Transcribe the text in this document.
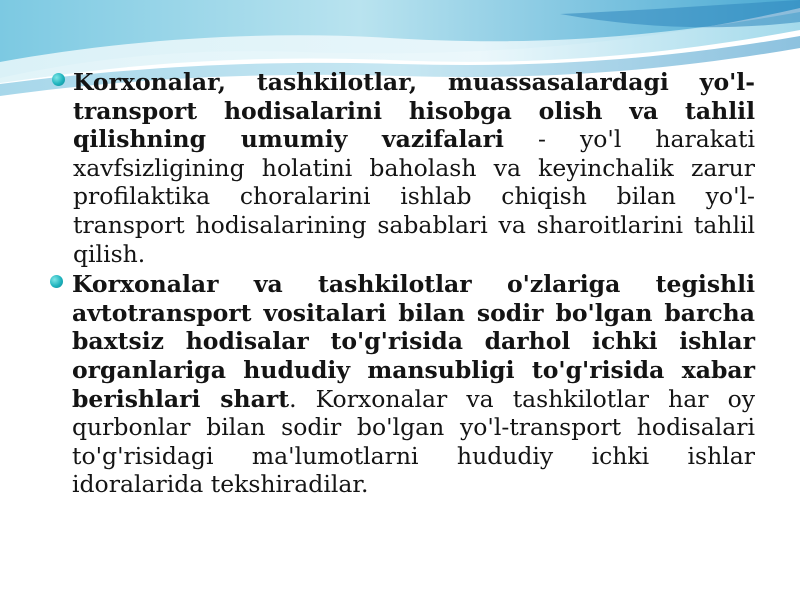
Korxonalar, tashkilotlar, muassasalardagi yo'l-transport hodisalarini hisobga olish va tahlil qilishning umumiy vazifalari - yo'l harakati xavfsizligining holatini baholash va keyinchalik zarur profilaktika choralarini ishlab chiqish bilan yo'l-transport hodisalarining sabablari va sharoitlarini tahlil qilish.

Korxonalar va tashkilotlar o'zlariga tegishli avtotransport vositalari bilan sodir bo'lgan barcha baxtsiz hodisalar to'g'risida darhol ichki ishlar organlariga hududiy mansubligi to'g'risida xabar berishlari shart. Korxonalar va tashkilotlar har oy qurbonlar bilan sodir bo'lgan yo'l-transport hodisalari to'g'risidagi ma'lumotlarni hududiy ichki ishlar idoralarida tekshiradilar.
